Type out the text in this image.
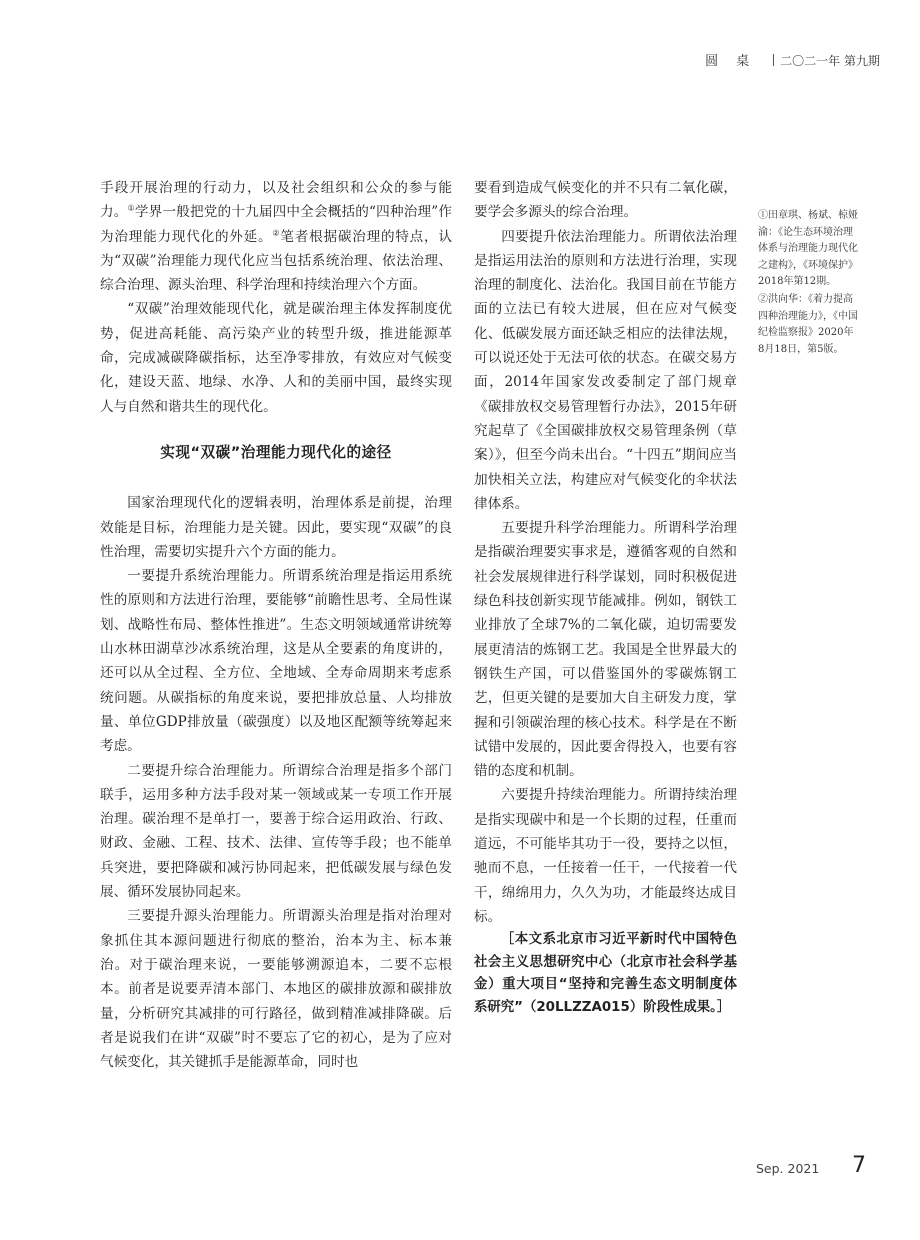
圆桌 二〇二一年 第九期

手段开展治理的行动力，以及社会组织和公众的参与能力。①学界一般把党的十九届四中全会概括的“四种治理”作为治理能力现代化的外延。②笔者根据碳治理的特点，认为“双碳”治理能力现代化应当包括系统治理、依法治理、综合治理、源头治理、科学治理和持续治理六个方面。

“双碳”治理效能现代化，就是碳治理主体发挥制度优势，促进高耗能、高污染产业的转型升级，推进能源革命，完成减碳降碳指标，达至净零排放，有效应对气候变化，建设天蓝、地绿、水净、人和的美丽中国，最终实现人与自然和谐共生的现代化。

实现“双碳”治理能力现代化的途径

国家治理现代化的逻辑表明，治理体系是前提，治理效能是目标，治理能力是关键。因此，要实现“双碳”的良性治理，需要切实提升六个方面的能力。

一要提升系统治理能力。所谓系统治理是指运用系统性的原则和方法进行治理，要能够“前瞻性思考、全局性谋划、战略性布局、整体性推进”。生态文明领域通常讲统筹山水林田湖草沙冰系统治理，这是从全要素的角度讲的，还可以从全过程、全方位、全地域、全寿命周期来考虑系统问题。从碳指标的角度来说，要把排放总量、人均排放量、单位GDP排放量（碳强度）以及地区配额等统筹起来考虑。

二要提升综合治理能力。所谓综合治理是指多个部门联手，运用多种方法手段对某一领域或某一专项工作开展治理。碳治理不是单打一，要善于综合运用政治、行政、财政、金融、工程、技术、法律、宣传等手段；也不能单兵突进，要把降碳和减污协同起来，把低碳发展与绿色发展、循环发展协同起来。

三要提升源头治理能力。所谓源头治理是指对治理对象抓住其本源问题进行彻底的整治，治本为主、标本兼治。对于碳治理来说，一要能够溯源追本，二要不忘根本。前者是说要弄清本部门、本地区的碳排放源和碳排放量，分析研究其减排的可行路径，做到精准减排降碳。后者是说我们在讲“双碳”时不要忘了它的初心，是为了应对气候变化，其关键抓手是能源革命，同时也

要看到造成气候变化的并不只有二氧化碳，要学会多源头的综合治理。

四要提升依法治理能力。所谓依法治理是指运用法治的原则和方法进行治理，实现治理的制度化、法治化。我国目前在节能方面的立法已有较大进展，但在应对气候变化、低碳发展方面还缺乏相应的法律法规，可以说还处于无法可依的状态。在碳交易方面，2014年国家发改委制定了部门规章《碳排放权交易管理暂行办法》，2015年研究起草了《全国碳排放权交易管理条例（草案）》，但至今尚未出台。“十四五”期间应当加快相关立法，构建应对气候变化的伞状法律体系。

五要提升科学治理能力。所谓科学治理是指碳治理要实事求是，遵循客观的自然和社会发展规律进行科学谋划，同时积极促进绿色科技创新实现节能减排。例如，钢铁工业排放了全球7%的二氧化碳，迫切需要发展更清洁的炼钢工艺。我国是全世界最大的钢铁生产国，可以借鉴国外的零碳炼钢工艺，但更关键的是要加大自主研发力度，掌握和引领碳治理的核心技术。科学是在不断试错中发展的，因此要舍得投入，也要有容错的态度和机制。

六要提升持续治理能力。所谓持续治理是指实现碳中和是一个长期的过程，任重而道远，不可能毕其功于一役，要持之以恒，驰而不息，一任接着一任干，一代接着一代干，绵绵用力，久久为功，才能最终达成目标。

［本文系北京市习近平新时代中国特色社会主义思想研究中心（北京市社会科学基金）重大项目“坚持和完善生态文明制度体系研究”（20LLZZA015）阶段性成果。］

①田章琪、杨斌、椋娅淪：《论生态环境治理体系与治理能力现代化之建构》，《环境保护》2018年第12期。

②洪向华：《着力提高四种治理能力》，《中国纪检监察报》2020年8月18日，第5版。

Sep. 2021 7
